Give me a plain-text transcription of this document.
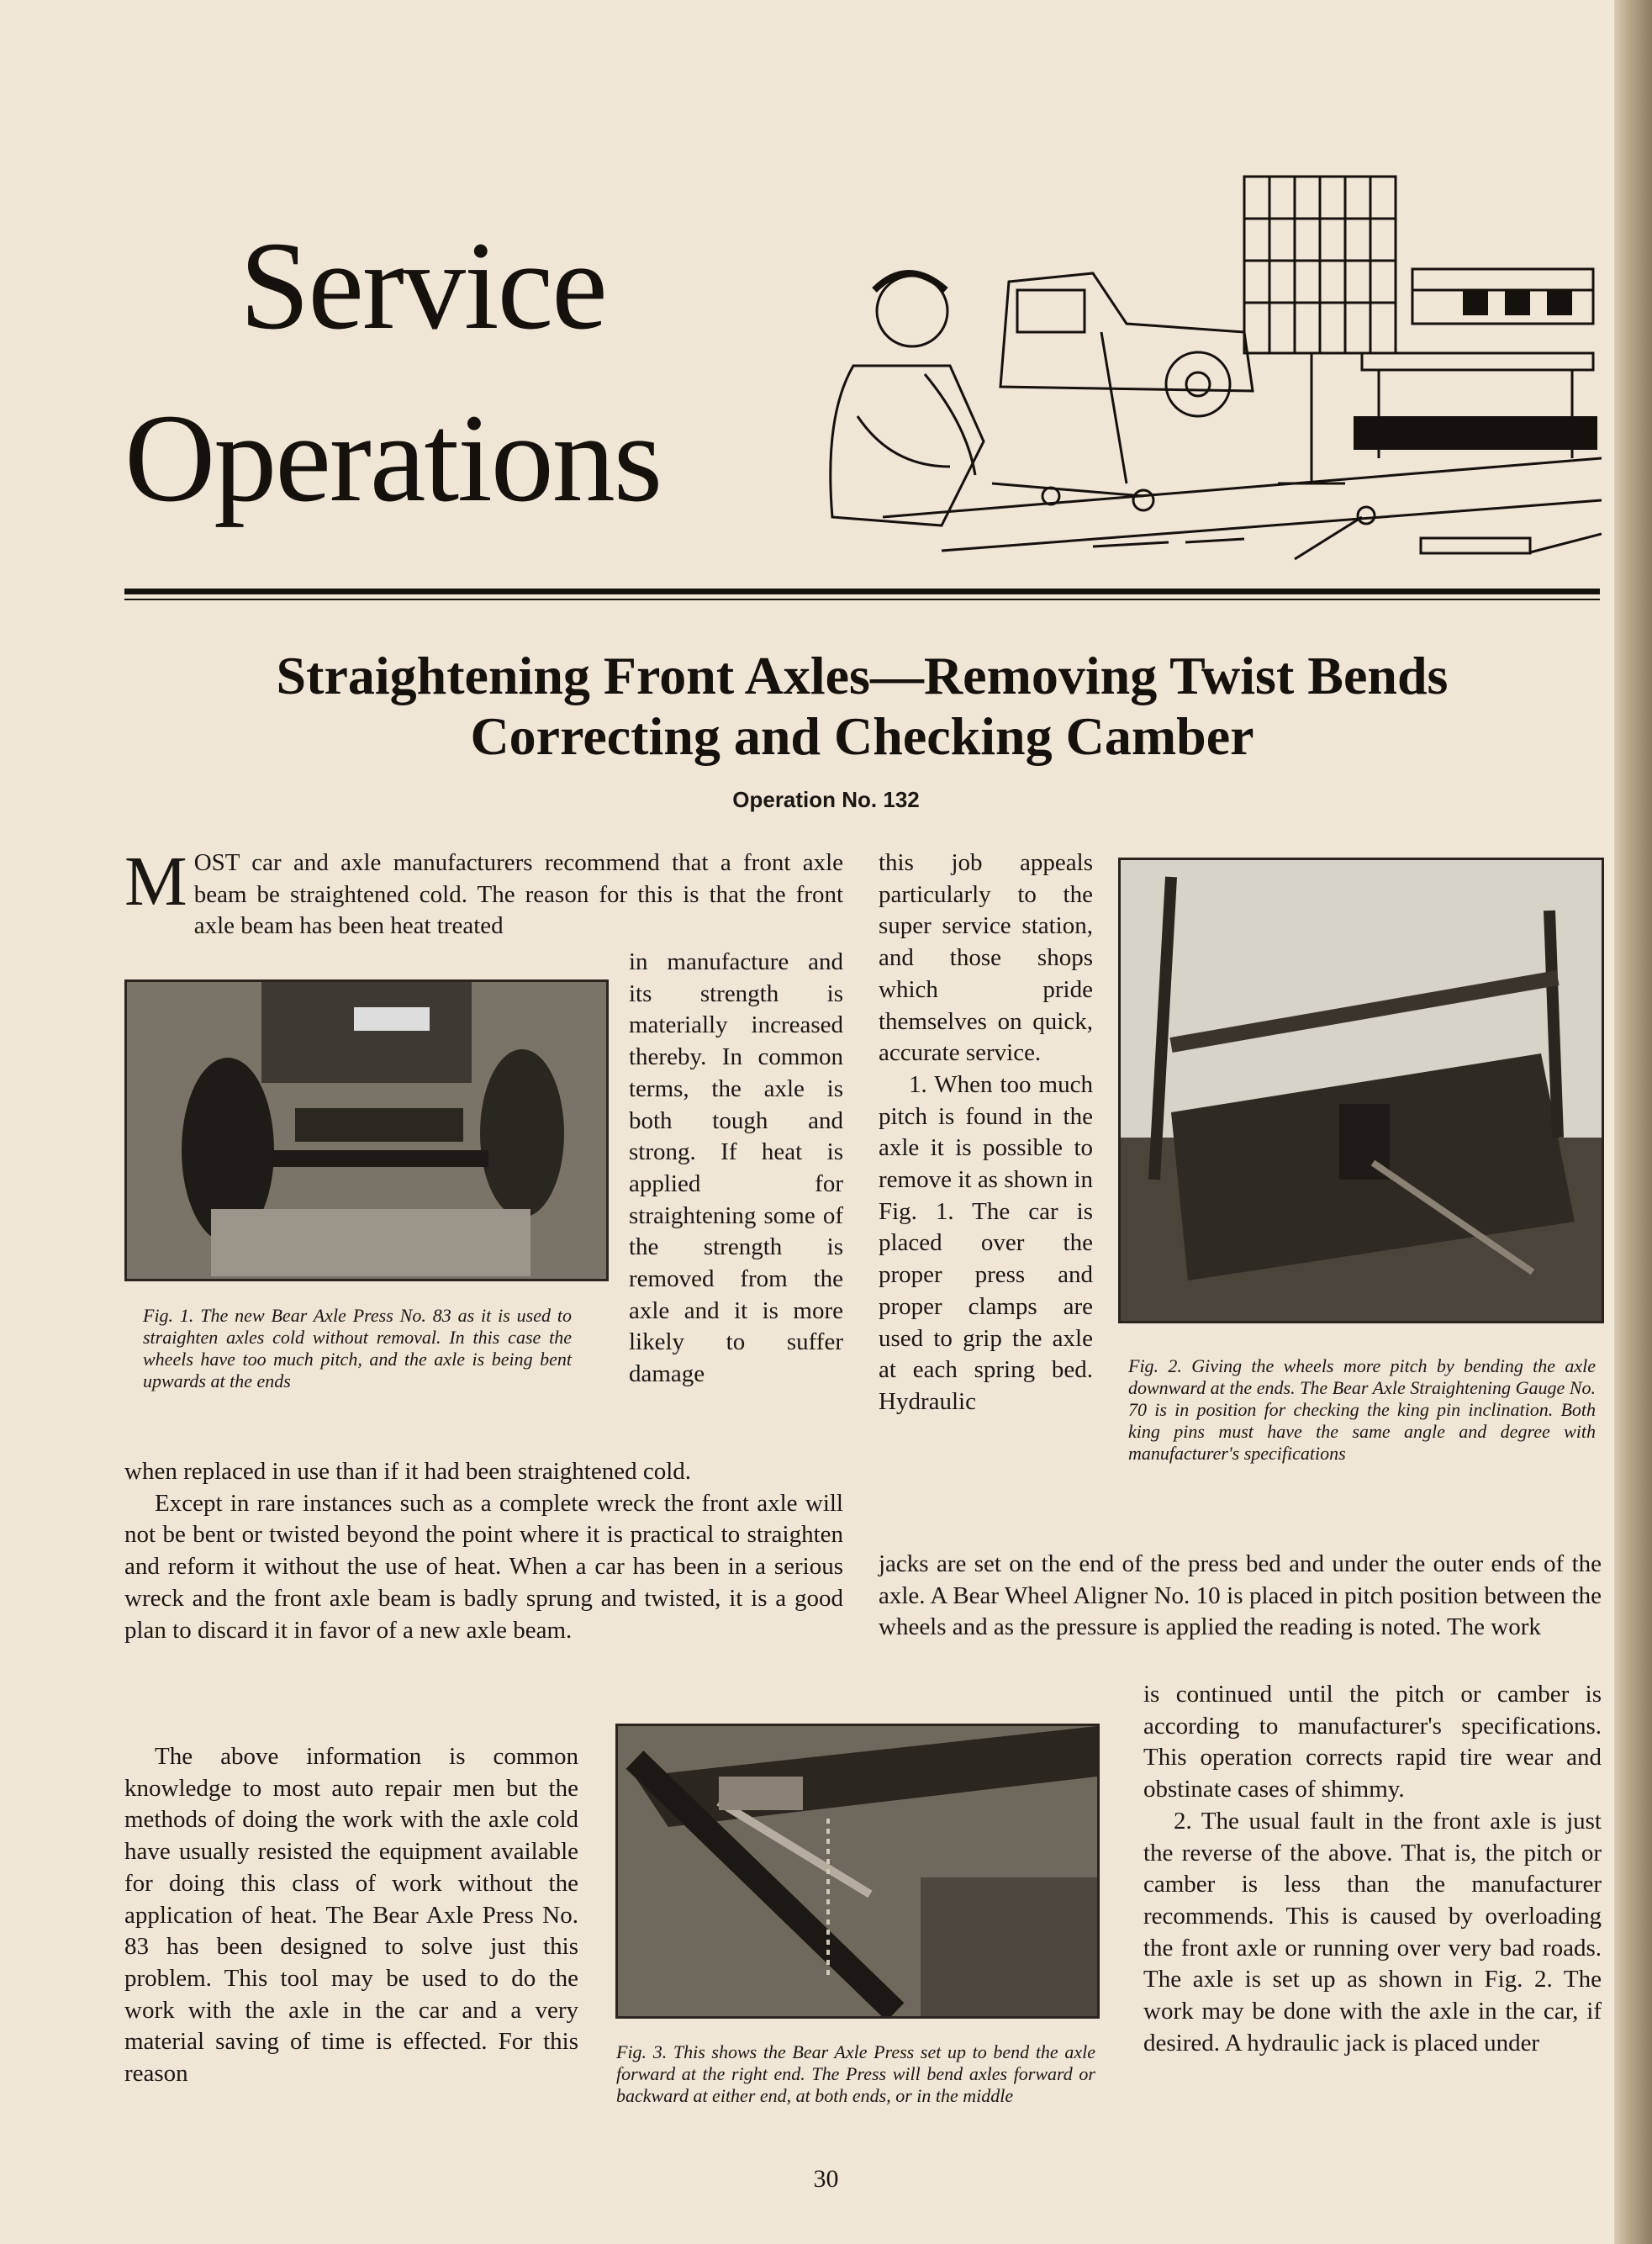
Service
Operations
Straightening Front Axles—Removing Twist Bends
Correcting and Checking Camber
Operation No. 132

MOST car and axle manufacturers recommend that a front axle beam be straightened cold. The reason for this is that the front axle beam has been heat treated

in manufacture and its strength is materially increased thereby. In common terms, the axle is both tough and strong. If heat is applied for straightening some of the strength is removed from the axle and it is more likely to suffer damage

Fig. 1. The new Bear Axle Press No. 83 as it is used to straighten axles cold without removal. In this case the wheels have too much pitch, and the axle is being bent upwards at the ends

when replaced in use than if it had been straightened cold.

Except in rare instances such as a complete wreck the front axle will not be bent or twisted beyond the point where it is practical to straighten and reform it without the use of heat. When a car has been in a serious wreck and the front axle beam is badly sprung and twisted, it is a good plan to discard it in favor of a new axle beam.

The above information is common knowledge to most auto repair men but the methods of doing the work with the axle cold have usually resisted the equipment available for doing this class of work without the application of heat. The Bear Axle Press No. 83 has been designed to solve just this problem. This tool may be used to do the work with the axle in the car and a very material saving of time is effected. For this reason

this job appeals particularly to the super service station, and those shops which pride themselves on quick, accurate service.

1. When too much pitch is found in the axle it is possible to remove it as shown in Fig. 1. The car is placed over the proper press and proper clamps are used to grip the axle at each spring bed. Hydraulic

Fig. 2. Giving the wheels more pitch by bending the axle downward at the ends. The Bear Axle Straightening Gauge No. 70 is in position for checking the king pin inclination. Both king pins must have the same angle and degree with manufacturer's specifications

jacks are set on the end of the press bed and under the outer ends of the axle. A Bear Wheel Aligner No. 10 is placed in pitch position between the wheels and as the pressure is applied the reading is noted. The work

Fig. 3. This shows the Bear Axle Press set up to bend the axle forward at the right end. The Press will bend axles forward or backward at either end, at both ends, or in the middle

is continued until the pitch or camber is according to manufacturer's specifications. This operation corrects rapid tire wear and obstinate cases of shimmy.

2. The usual fault in the front axle is just the reverse of the above. That is, the pitch or camber is less than the manufacturer recommends. This is caused by overloading the front axle or running over very bad roads. The axle is set up as shown in Fig. 2. The work may be done with the axle in the car, if desired. A hydraulic jack is placed under

30
